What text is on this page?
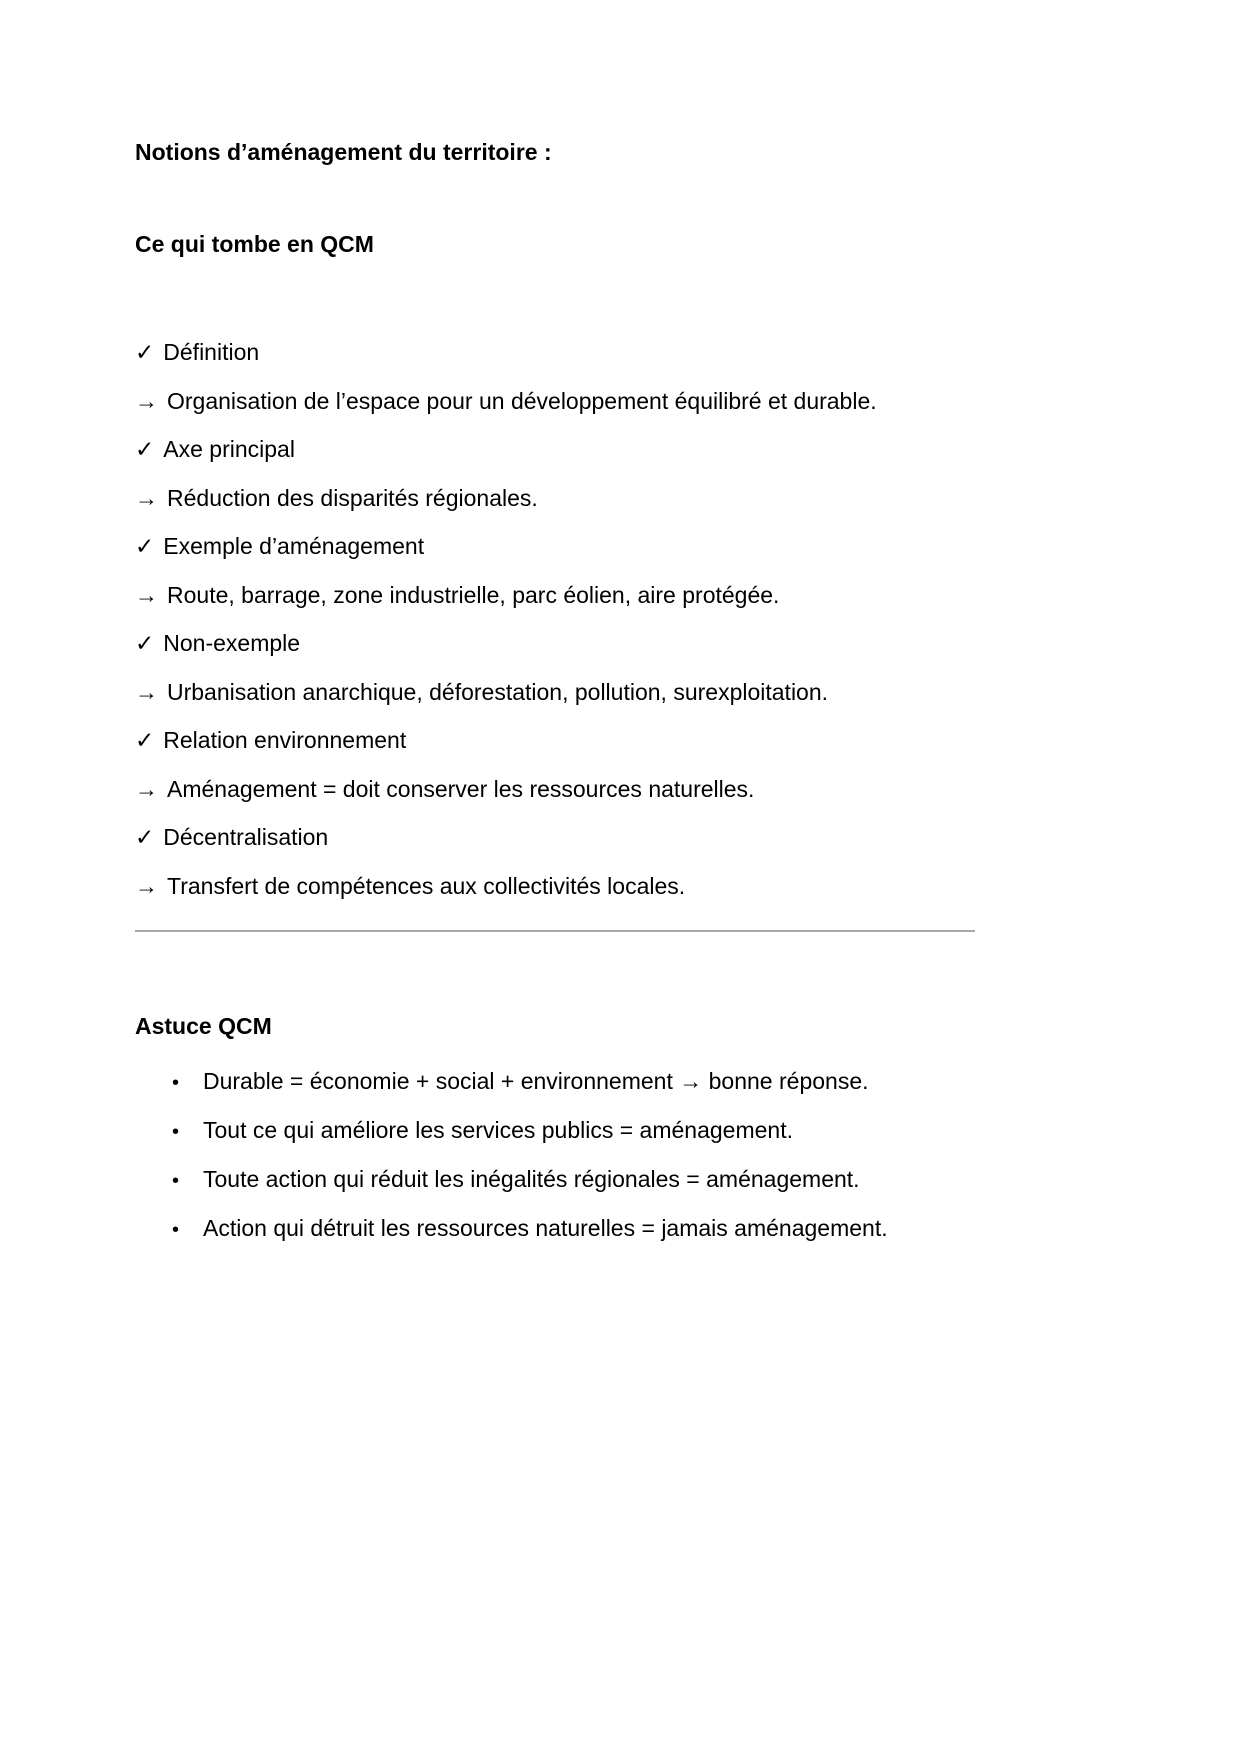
Notions d’aménagement du territoire :
Ce qui tombe en QCM

✓ Définition

→ Organisation de l’espace pour un développement équilibré et durable.

✓ Axe principal

→ Réduction des disparités régionales.

✓ Exemple d’aménagement

→ Route, barrage, zone industrielle, parc éolien, aire protégée.

✓ Non-exemple

→ Urbanisation anarchique, déforestation, pollution, surexploitation.

✓ Relation environnement

→ Aménagement = doit conserver les ressources naturelles.

✓ Décentralisation

→ Transfert de compétences aux collectivités locales.

Astuce QCM
•	Durable = économie + social + environnement → bonne réponse.
•	Tout ce qui améliore les services publics = aménagement.
•	Toute action qui réduit les inégalités régionales = aménagement.
•	Action qui détruit les ressources naturelles = jamais aménagement.
